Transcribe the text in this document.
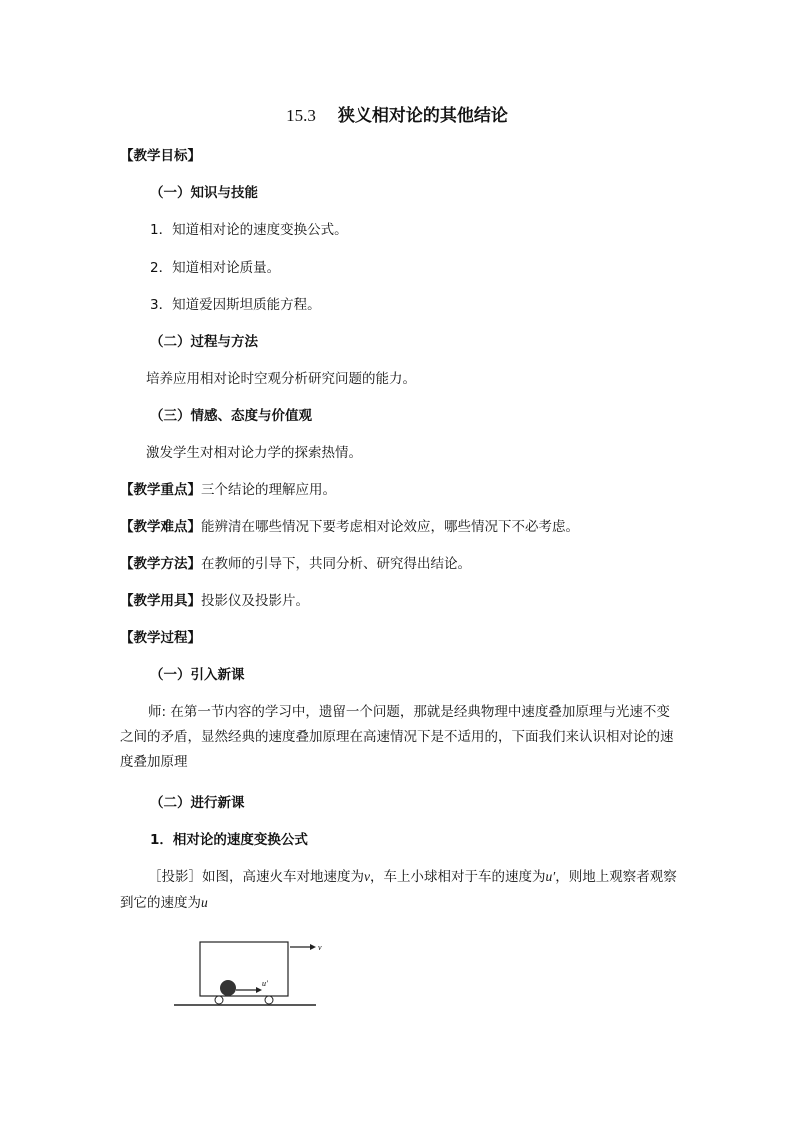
15.3 狭义相对论的其他结论
【教学目标】
（一）知识与技能
1．知道相对论的速度变换公式。
2．知道相对论质量。
3．知道爱因斯坦质能方程。
（二）过程与方法
培养应用相对论时空观分析研究问题的能力。
（三）情感、态度与价值观
激发学生对相对论力学的探索热情。
【教学重点】三个结论的理解应用。
【教学难点】能辨清在哪些情况下要考虑相对论效应，哪些情况下不必考虑。
【教学方法】在教师的引导下，共同分析、研究得出结论。
【教学用具】投影仪及投影片。
【教学过程】
（一）引入新课
师: 在第一节内容的学习中，遗留一个问题，那就是经典物理中速度叠加原理与光速不变之间的矛盾，显然经典的速度叠加原理在高速情况下是不适用的，下面我们来认识相对论的速度叠加原理
（二）进行新课
1．相对论的速度变换公式
［投影］如图，高速火车对地速度为v，车上小球相对于车的速度为u′，则地上观察者观察到它的速度为u
u′
v
